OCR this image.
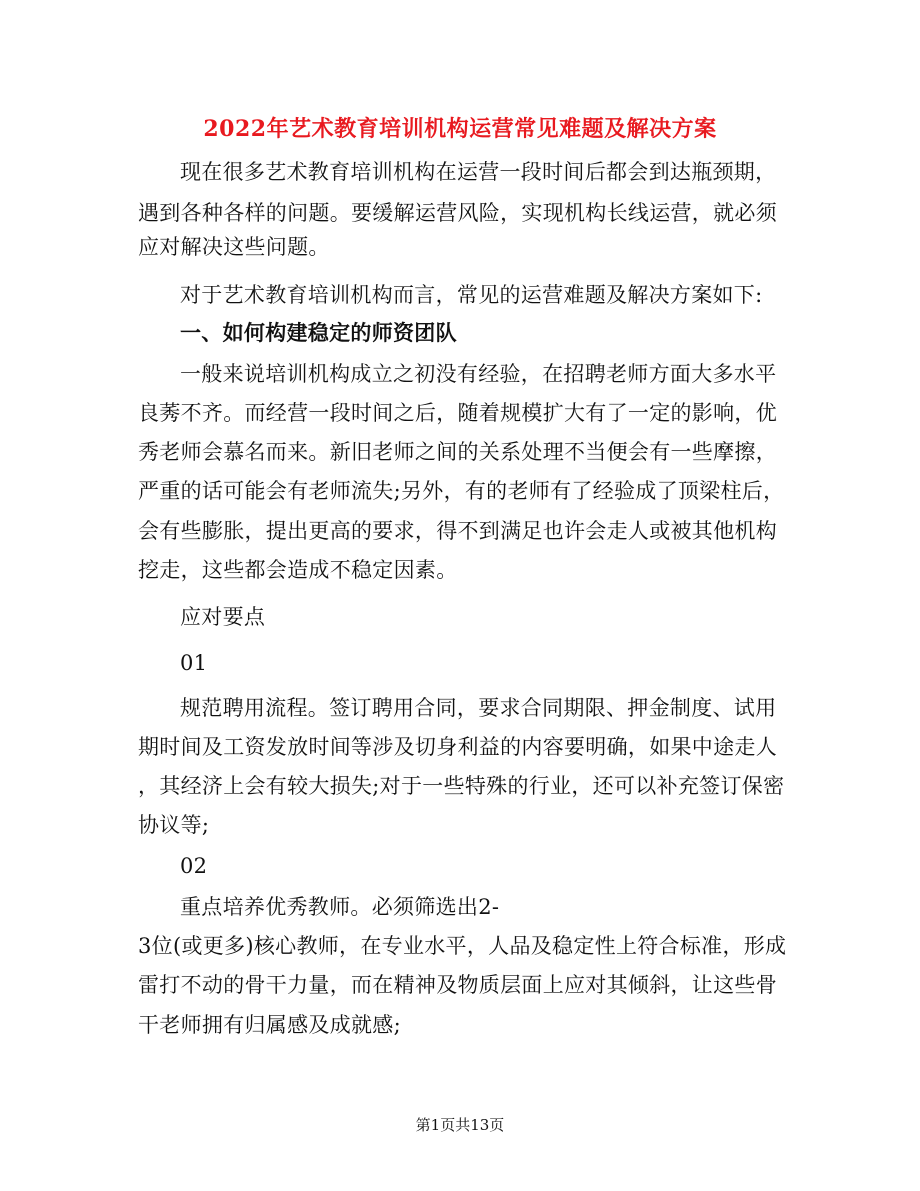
2022年艺术教育培训机构运营常见难题及解决方案

现在很多艺术教育培训机构在运营一段时间后都会到达瓶颈期，

遇到各种各样的问题。要缓解运营风险，实现机构长线运营，就必须

应对解决这些问题。

对于艺术教育培训机构而言，常见的运营难题及解决方案如下:

一、如何构建稳定的师资团队

一般来说培训机构成立之初没有经验，在招聘老师方面大多水平

良莠不齐。而经营一段时间之后，随着规模扩大有了一定的影响，优

秀老师会慕名而来。新旧老师之间的关系处理不当便会有一些摩擦，

严重的话可能会有老师流失;另外，有的老师有了经验成了顶梁柱后，

会有些膨胀，提出更高的要求，得不到满足也许会走人或被其他机构

挖走，这些都会造成不稳定因素。

应对要点

01

规范聘用流程。签订聘用合同，要求合同期限、押金制度、试用

期时间及工资发放时间等涉及切身利益的内容要明确，如果中途走人

，其经济上会有较大损失;对于一些特殊的行业，还可以补充签订保密

协议等;

02

重点培养优秀教师。必须筛选出2-

3位(或更多)核心教师，在专业水平，人品及稳定性上符合标准，形成

雷打不动的骨干力量，而在精神及物质层面上应对其倾斜，让这些骨

干老师拥有归属感及成就感;

第1页共13页
